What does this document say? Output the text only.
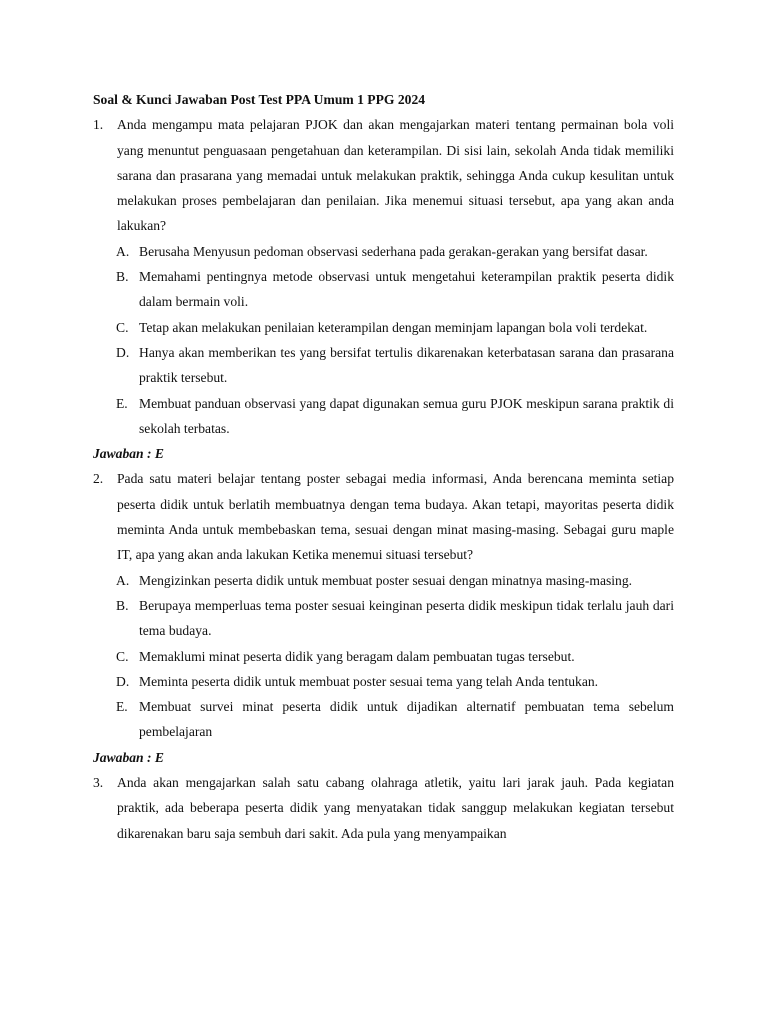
Soal & Kunci Jawaban Post Test PPA Umum 1 PPG 2024

1. Anda mengampu mata pelajaran PJOK dan akan mengajarkan materi tentang permainan bola voli yang menuntut penguasaan pengetahuan dan keterampilan. Di sisi lain, sekolah Anda tidak memiliki sarana dan prasarana yang memadai untuk melakukan praktik, sehingga Anda cukup kesulitan untuk melakukan proses pembelajaran dan penilaian. Jika menemui situasi tersebut, apa yang akan anda lakukan?
A. Berusaha Menyusun pedoman observasi sederhana pada gerakan-gerakan yang bersifat dasar.
B. Memahami pentingnya metode observasi untuk mengetahui keterampilan praktik peserta didik dalam bermain voli.
C. Tetap akan melakukan penilaian keterampilan dengan meminjam lapangan bola voli terdekat.
D. Hanya akan memberikan tes yang bersifat tertulis dikarenakan keterbatasan sarana dan prasarana praktik tersebut.
E. Membuat panduan observasi yang dapat digunakan semua guru PJOK meskipun sarana praktik di sekolah terbatas.

Jawaban : E

2. Pada satu materi belajar tentang poster sebagai media informasi, Anda berencana meminta setiap peserta didik untuk berlatih membuatnya dengan tema budaya. Akan tetapi, mayoritas peserta didik meminta Anda untuk membebaskan tema, sesuai dengan minat masing-masing. Sebagai guru maple IT, apa yang akan anda lakukan Ketika menemui situasi tersebut?
A. Mengizinkan peserta didik untuk membuat poster sesuai dengan minatnya masing-masing.
B. Berupaya memperluas tema poster sesuai keinginan peserta didik meskipun tidak terlalu jauh dari tema budaya.
C. Memaklumi minat peserta didik yang beragam dalam pembuatan tugas tersebut.
D. Meminta peserta didik untuk membuat poster sesuai tema yang telah Anda tentukan.
E. Membuat survei minat peserta didik untuk dijadikan alternatif pembuatan tema sebelum pembelajaran

Jawaban : E

3. Anda akan mengajarkan salah satu cabang olahraga atletik, yaitu lari jarak jauh. Pada kegiatan praktik, ada beberapa peserta didik yang menyatakan tidak sanggup melakukan kegiatan tersebut dikarenakan baru saja sembuh dari sakit. Ada pula yang menyampaikan
